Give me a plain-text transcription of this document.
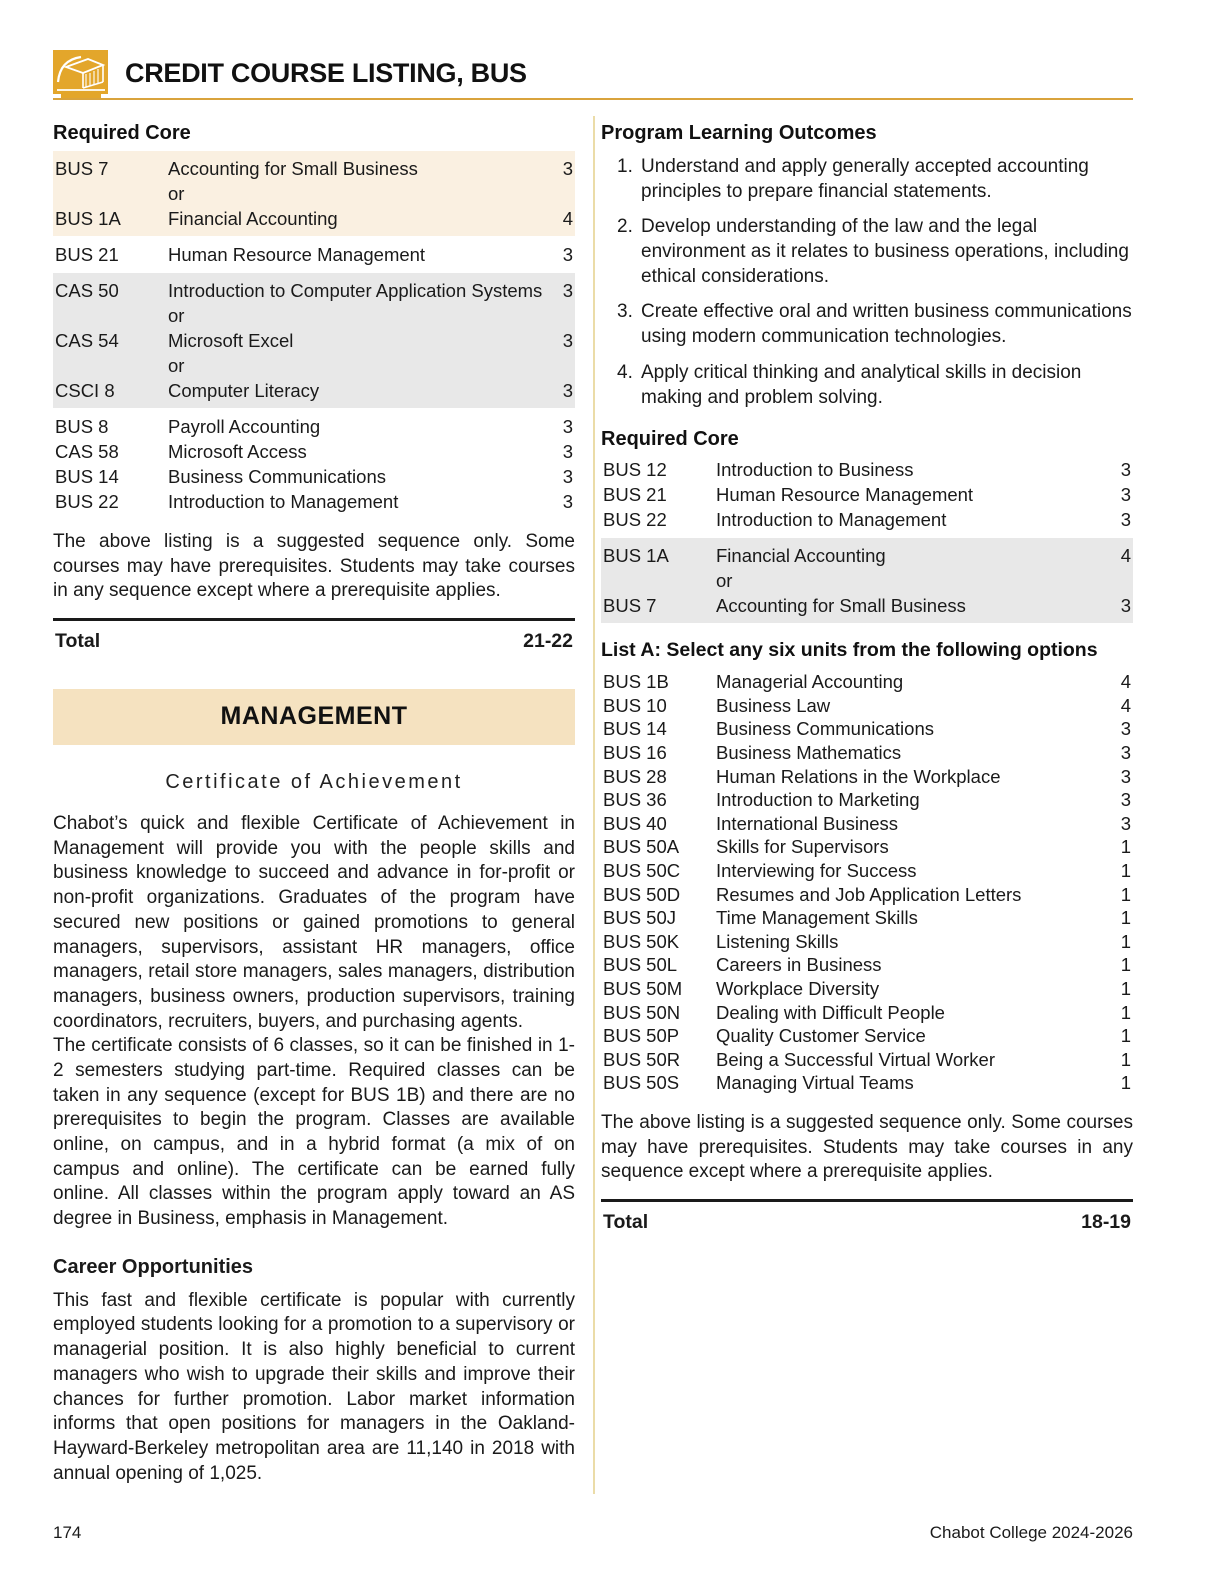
CREDIT COURSE LISTING, BUS
Required Core
BUS 7	Accounting for Small Business	3
or
BUS 1A	Financial Accounting	4
BUS 21	Human Resource Management	3
CAS 50	Introduction to Computer Application Systems	3
or
CAS 54	Microsoft Excel	3
or
CSCI 8	Computer Literacy	3
BUS 8	Payroll Accounting	3
CAS 58	Microsoft Access	3
BUS 14	Business Communications	3
BUS 22	Introduction to Management	3

The above listing is a suggested sequence only. Some courses may have prerequisites. Students may take courses in any sequence except where a prerequisite applies.

Total	21-22
MANAGEMENT
Certificate of Achievement

Chabot’s quick and flexible Certificate of Achievement in Management will provide you with the people skills and business knowledge to succeed and advance in for-profit or non-profit organizations. Graduates of the program have secured new positions or gained promotions to general managers, supervisors, assistant HR managers, office managers, retail store managers, sales managers, distribution managers, business owners, production supervisors, training coordinators, recruiters, buyers, and purchasing agents.

The certificate consists of 6 classes, so it can be finished in 1-2 semesters studying part-time. Required classes can be taken in any sequence (except for BUS 1B) and there are no prerequisites to begin the program. Classes are available online, on campus, and in a hybrid format (a mix of on campus and online). The certificate can be earned fully online. All classes within the program apply toward an AS degree in Business, emphasis in Management.

Career Opportunities

This fast and flexible certificate is popular with currently employed students looking for a promotion to a supervisory or managerial position. It is also highly beneficial to current managers who wish to upgrade their skills and improve their chances for further promotion. Labor market information informs that open positions for managers in the Oakland-Hayward-Berkeley metropolitan area are 11,140 in 2018 with annual opening of 1,025.

Program Learning Outcomes
1. Understand and apply generally accepted accounting principles to prepare financial statements.
2. Develop understanding of the law and the legal environment as it relates to business operations, including ethical considerations.
3. Create effective oral and written business communications using modern communication technologies.
4. Apply critical thinking and analytical skills in decision making and problem solving.
Required Core
BUS 12	Introduction to Business	3
BUS 21	Human Resource Management	3
BUS 22	Introduction to Management	3
BUS 1A	Financial Accounting	4
or
BUS 7	Accounting for Small Business	3
List A: Select any six units from the following options
BUS 1B	Managerial Accounting	4
BUS 10	Business Law	4
BUS 14	Business Communications	3
BUS 16	Business Mathematics	3
BUS 28	Human Relations in the Workplace	3
BUS 36	Introduction to Marketing	3
BUS 40	International Business	3
BUS 50A	Skills for Supervisors	1
BUS 50C	Interviewing for Success	1
BUS 50D	Resumes and Job Application Letters	1
BUS 50J	Time Management Skills	1
BUS 50K	Listening Skills	1
BUS 50L	Careers in Business	1
BUS 50M	Workplace Diversity	1
BUS 50N	Dealing with Difficult People	1
BUS 50P	Quality Customer Service	1
BUS 50R	Being a Successful Virtual Worker	1
BUS 50S	Managing Virtual Teams	1

The above listing is a suggested sequence only. Some courses may have prerequisites. Students may take courses in any sequence except where a prerequisite applies.

Total	18-19
174	Chabot College 2024-2026
